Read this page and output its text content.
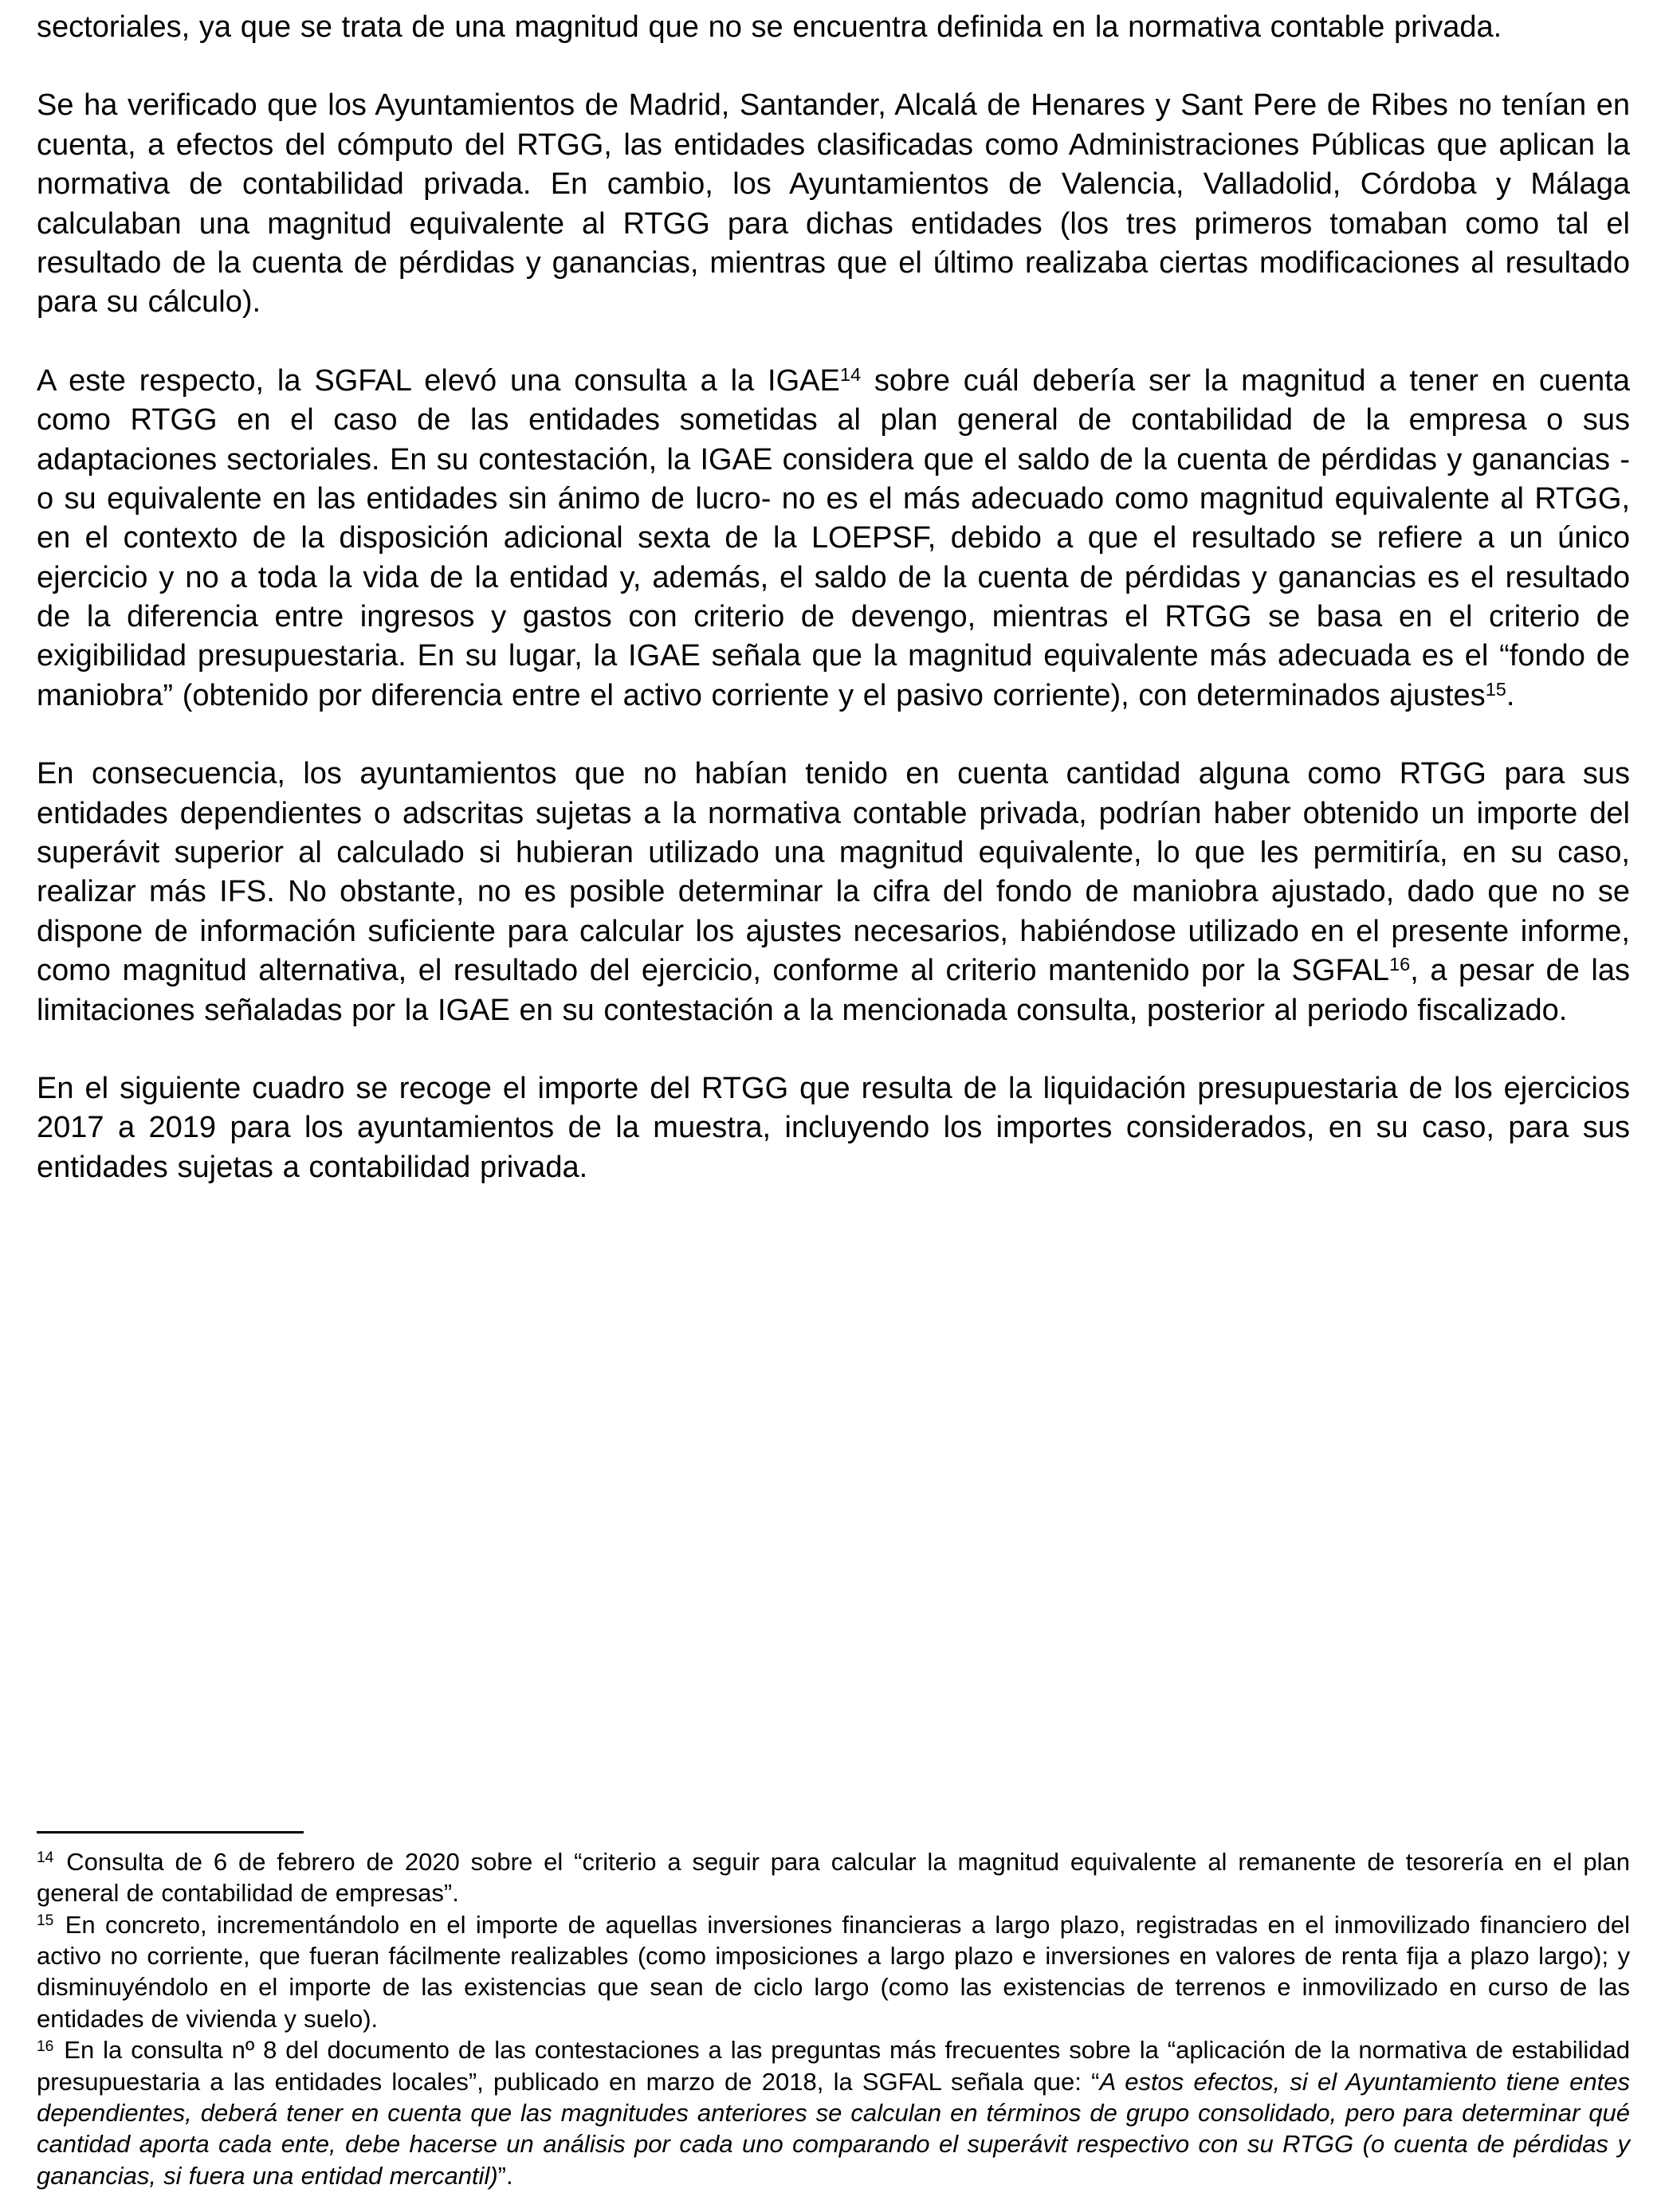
sectoriales, ya que se trata de una magnitud que no se encuentra definida en la normativa contable privada.

Se ha verificado que los Ayuntamientos de Madrid, Santander, Alcalá de Henares y Sant Pere de Ribes no tenían en cuenta, a efectos del cómputo del RTGG, las entidades clasificadas como Administraciones Públicas que aplican la normativa de contabilidad privada. En cambio, los Ayuntamientos de Valencia, Valladolid, Córdoba y Málaga calculaban una magnitud equivalente al RTGG para dichas entidades (los tres primeros tomaban como tal el resultado de la cuenta de pérdidas y ganancias, mientras que el último realizaba ciertas modificaciones al resultado para su cálculo).

A este respecto, la SGFAL elevó una consulta a la IGAE$^{14}$ sobre cuál debería ser la magnitud a tener en cuenta como RTGG en el caso de las entidades sometidas al plan general de contabilidad de la empresa o sus adaptaciones sectoriales. En su contestación, la IGAE considera que el saldo de la cuenta de pérdidas y ganancias -o su equivalente en las entidades sin ánimo de lucro- no es el más adecuado como magnitud equivalente al RTGG, en el contexto de la disposición adicional sexta de la LOEPSF, debido a que el resultado se refiere a un único ejercicio y no a toda la vida de la entidad y, además, el saldo de la cuenta de pérdidas y ganancias es el resultado de la diferencia entre ingresos y gastos con criterio de devengo, mientras el RTGG se basa en el criterio de exigibilidad presupuestaria. En su lugar, la IGAE señala que la magnitud equivalente más adecuada es el “fondo de maniobra” (obtenido por diferencia entre el activo corriente y el pasivo corriente), con determinados ajustes$^{15}$.

En consecuencia, los ayuntamientos que no habían tenido en cuenta cantidad alguna como RTGG para sus entidades dependientes o adscritas sujetas a la normativa contable privada, podrían haber obtenido un importe del superávit superior al calculado si hubieran utilizado una magnitud equivalente, lo que les permitiría, en su caso, realizar más IFS. No obstante, no es posible determinar la cifra del fondo de maniobra ajustado, dado que no se dispone de información suficiente para calcular los ajustes necesarios, habiéndose utilizado en el presente informe, como magnitud alternativa, el resultado del ejercicio, conforme al criterio mantenido por la SGFAL$^{16}$, a pesar de las limitaciones señaladas por la IGAE en su contestación a la mencionada consulta, posterior al periodo fiscalizado.

En el siguiente cuadro se recoge el importe del RTGG que resulta de la liquidación presupuestaria de los ejercicios 2017 a 2019 para los ayuntamientos de la muestra, incluyendo los importes considerados, en su caso, para sus entidades sujetas a contabilidad privada.

$^{14}$ Consulta de 6 de febrero de 2020 sobre el “criterio a seguir para calcular la magnitud equivalente al remanente de tesorería en el plan general de contabilidad de empresas”.

$^{15}$ En concreto, incrementándolo en el importe de aquellas inversiones financieras a largo plazo, registradas en el inmovilizado financiero del activo no corriente, que fueran fácilmente realizables (como imposiciones a largo plazo e inversiones en valores de renta fija a plazo largo); y disminuyéndolo en el importe de las existencias que sean de ciclo largo (como las existencias de terrenos e inmovilizado en curso de las entidades de vivienda y suelo).

$^{16}$ En la consulta nº 8 del documento de las contestaciones a las preguntas más frecuentes sobre la “aplicación de la normativa de estabilidad presupuestaria a las entidades locales”, publicado en marzo de 2018, la SGFAL señala que: “A estos efectos, si el Ayuntamiento tiene entes dependientes, deberá tener en cuenta que las magnitudes anteriores se calculan en términos de grupo consolidado, pero para determinar qué cantidad aporta cada ente, debe hacerse un análisis por cada uno comparando el superávit respectivo con su RTGG (o cuenta de pérdidas y ganancias, si fuera una entidad mercantil)”.
